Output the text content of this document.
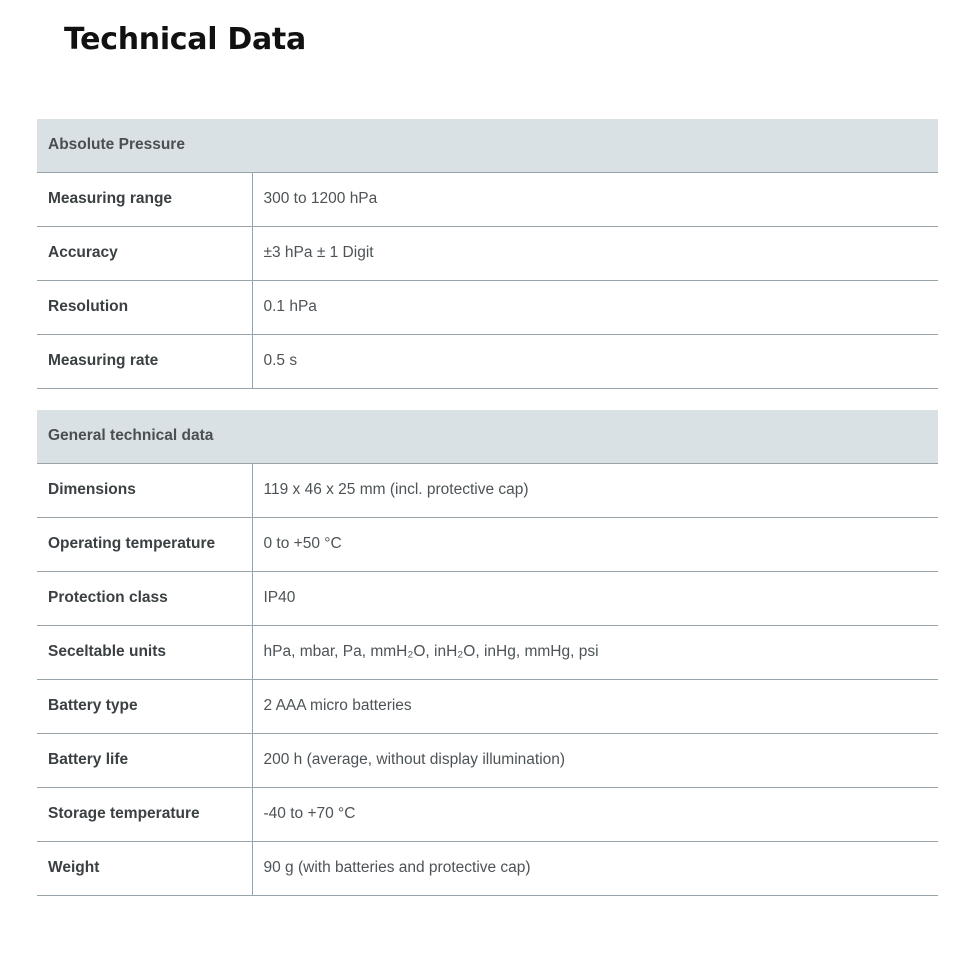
Technical Data
Absolute Pressure	
Measuring range	300 to 1200 hPa
Accuracy	±3 hPa ± 1 Digit
Resolution	0.1 hPa
Measuring rate	0.5 s
General technical data	
Dimensions	119 x 46 x 25 mm (incl. protective cap)
Operating temperature	0 to +50 °C
Protection class	IP40
Seceltable units	hPa, mbar, Pa, mmH₂O, inH₂O, inHg, mmHg, psi
Battery type	2 AAA micro batteries
Battery life	200 h (average, without display illumination)
Storage temperature	-40 to +70 °C
Weight	90 g (with batteries and protective cap)
